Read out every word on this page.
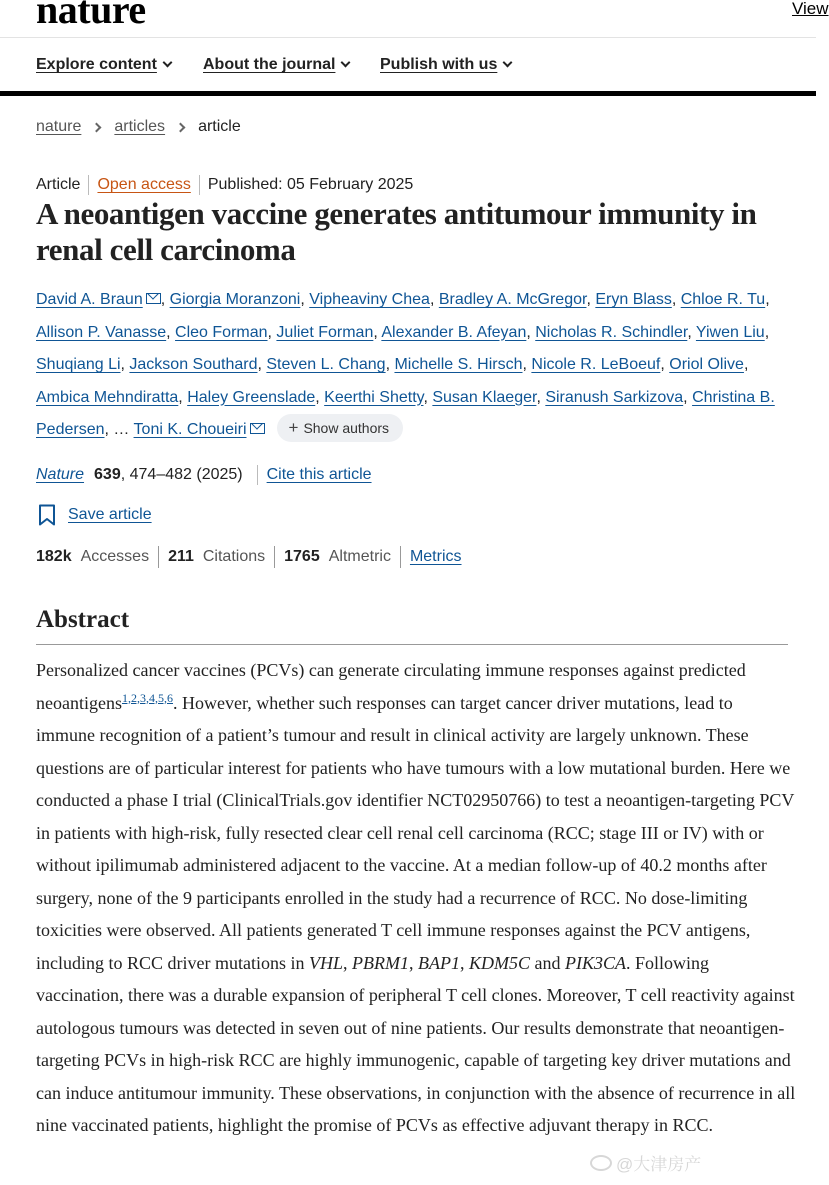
nature	View
Explore content	About the journal	Publish with us
nature articles article
Article Open access Published: 05 February 2025
A neoantigen vaccine generates antitumour immunity in renal cell carcinoma
David A. Braun , Giorgia Moranzoni, Vipheaviny Chea, Bradley A. McGregor, Eryn Blass, Chloe R. Tu, Allison P. Vanasse, Cleo Forman, Juliet Forman, Alexander B. Afeyan, Nicholas R. Schindler, Yiwen Liu, Shuqiang Li, Jackson Southard, Steven L. Chang, Michelle S. Hirsch, Nicole R. LeBoeuf, Oriol Olive, Ambica Mehndiratta, Haley Greenslade, Keerthi Shetty, Susan Klaeger, Siranush Sarkizova, Christina B. Pedersen, … Toni K. Choueiri + Show authors
Nature 639 , 474–482 (2025) Cite this article
Save article
182k Accesses 211 Citations 1765 Altmetric Metrics
Abstract

Personalized cancer vaccines (PCVs) can generate circulating immune responses against predicted neoantigens$^{1,2,3,4,5,6}$. However, whether such responses can target cancer driver mutations, lead to immune recognition of a patient’s tumour and result in clinical activity are largely unknown. These questions are of particular interest for patients who have tumours with a low mutational burden. Here we conducted a phase I trial (ClinicalTrials.gov identifier NCT02950766) to test a neoantigen-targeting PCV in patients with high-risk, fully resected clear cell renal cell carcinoma (RCC; stage III or IV) with or without ipilimumab administered adjacent to the vaccine. At a median follow-up of 40.2 months after surgery, none of the 9 participants enrolled in the study had a recurrence of RCC. No dose-limiting toxicities were observed. All patients generated T cell immune responses against the PCV antigens, including to RCC driver mutations in VHL, PBRM1, BAP1, KDM5C and PIK3CA. Following vaccination, there was a durable expansion of peripheral T cell clones. Moreover, T cell reactivity against autologous tumours was detected in seven out of nine patients. Our results demonstrate that neoantigen-targeting PCVs in high-risk RCC are highly immunogenic, capable of targeting key driver mutations and can induce antitumour immunity. These observations, in conjunction with the absence of recurrence in all nine vaccinated patients, highlight the promise of PCVs as effective adjuvant therapy in RCC.

@大津房产
